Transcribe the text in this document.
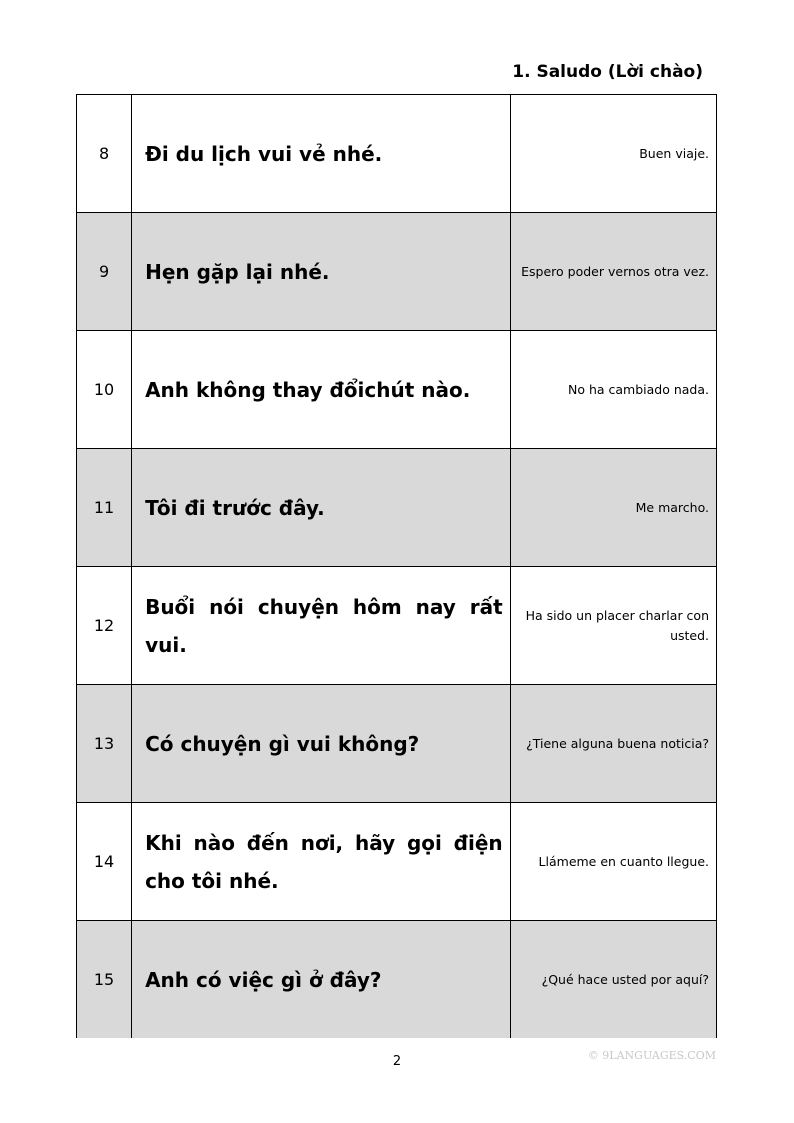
1. Saludo (Lời chào)
8	Đi du lịch vui vẻ nhé.	Buen viaje.
9	Hẹn gặp lại nhé.	Espero poder vernos otra vez.
10	Anh không thay đổichút nào.	No ha cambiado nada.
11	Tôi đi trước đây.	Me marcho.
12	Buổi nói chuyện hôm nay rất vui.	Ha sido un placer charlar con usted.
13	Có chuyện gì vui không?	¿Tiene alguna buena noticia?
14	Khi nào đến nơi, hãy gọi điện cho tôi nhé.	Llámeme en cuanto llegue.
15	Anh có việc gì ở đây?	¿Qué hace usted por aquí?
2	© 9LANGUAGES.COM
